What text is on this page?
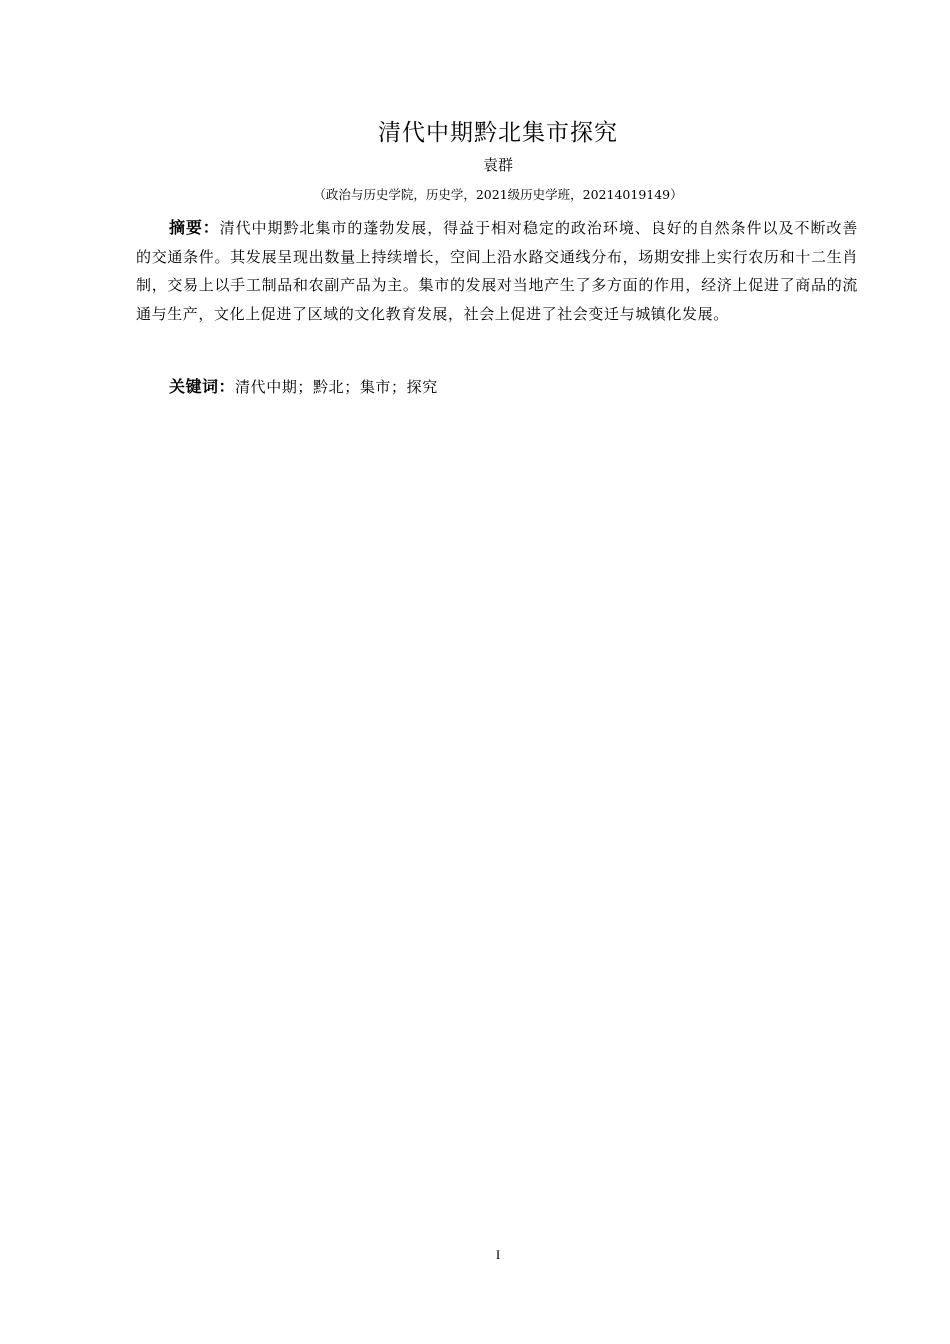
清代中期黔北集市探究
袁群
（政治与历史学院，历史学，2021级历史学班，20214019149）

摘要：清代中期黔北集市的蓬勃发展，得益于相对稳定的政治环境、良好的自然条件以及不断改善的交通条件。其发展呈现出数量上持续增长，空间上沿水路交通线分布，场期安排上实行农历和十二生肖制，交易上以手工制品和农副产品为主。集市的发展对当地产生了多方面的作用，经济上促进了商品的流通与生产，文化上促进了区域的文化教育发展，社会上促进了社会变迁与城镇化发展。

关键词：清代中期；黔北；集市；探究

I
